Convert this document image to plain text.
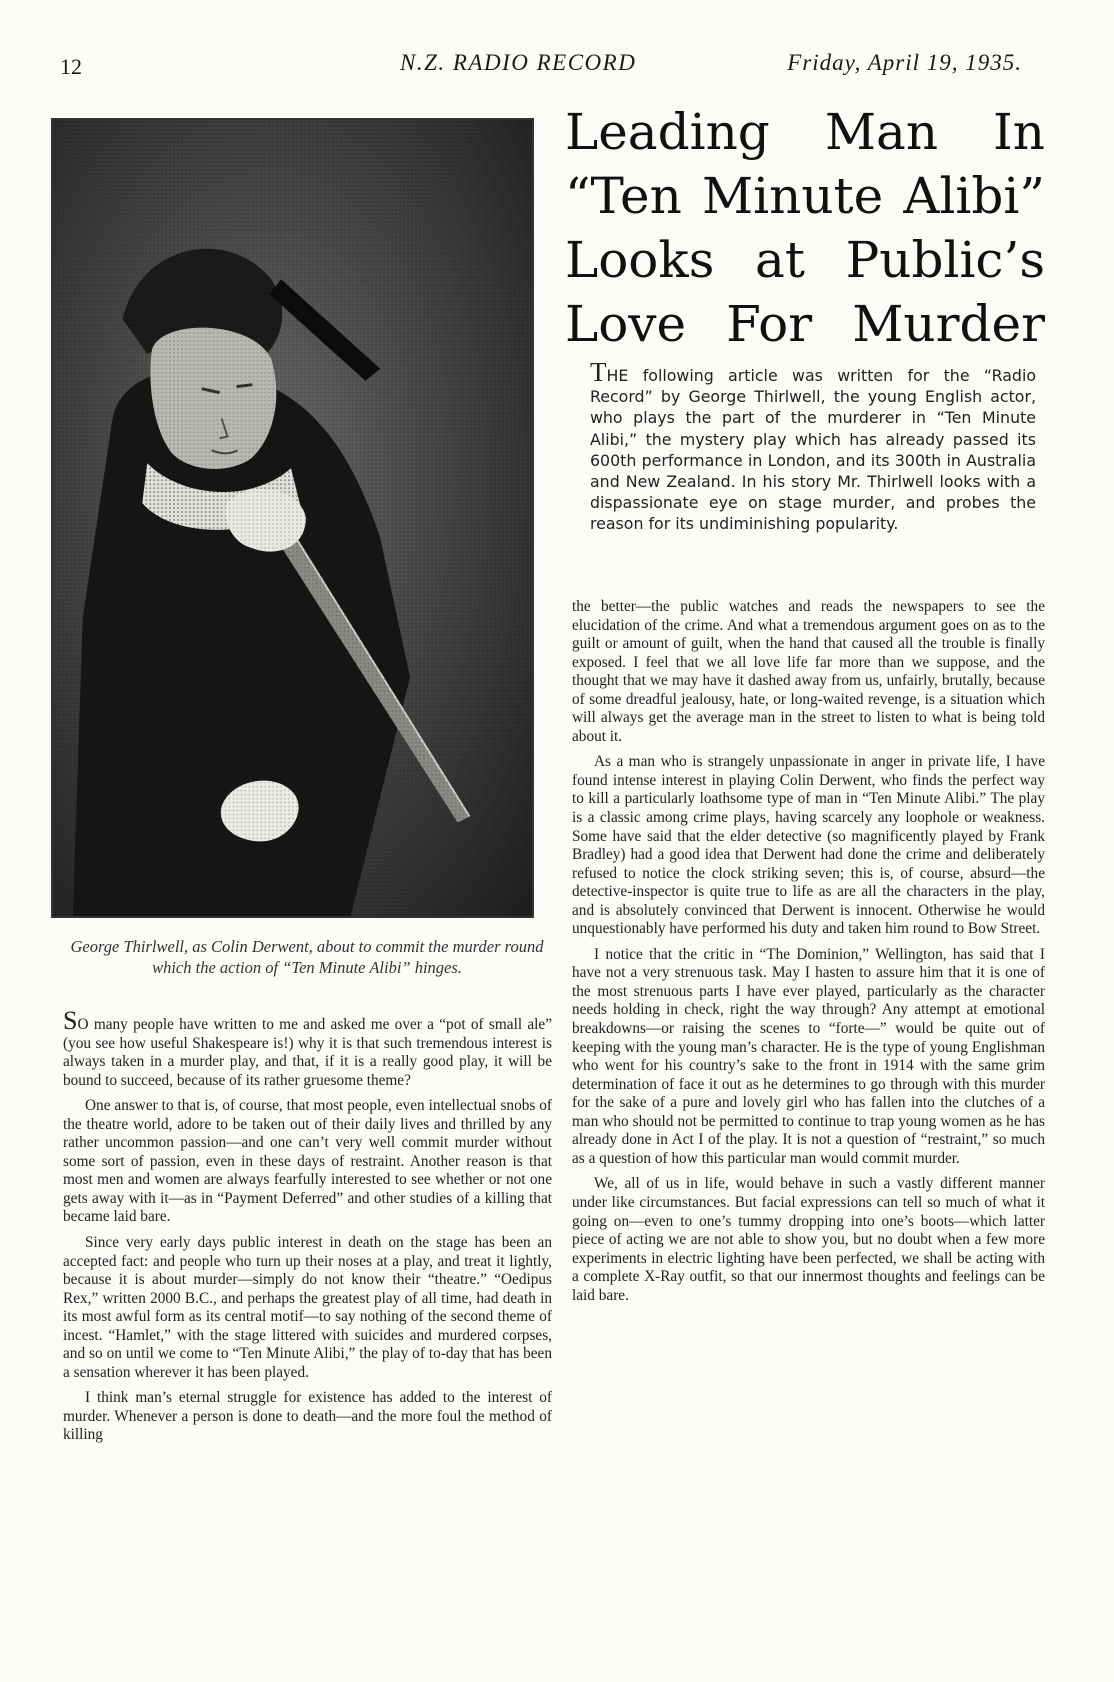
12	N.Z. RADIO RECORD	Friday, April 19, 1935.
George Thirlwell, as Colin Derwent, about to commit the murder round which the action of “Ten Minute Alibi” hinges.
Leading Man In
“Ten Minute Alibi”
Looks at Public’s
Love For Murder
THE following article was written for the “Radio Record” by George Thirlwell, the young English actor, who plays the part of the murderer in “Ten Minute Alibi,” the mystery play which has already passed its 600th performance in London, and its 300th in Australia and New Zealand. In his story Mr. Thirlwell looks with a dispassionate eye on stage murder, and probes the reason for its undiminishing popularity.

SO many people have written to me and asked me over a “pot of small ale” (you see how useful Shakespeare is!) why it is that such tremendous interest is always taken in a murder play, and that, if it is a really good play, it will be bound to succeed, because of its rather gruesome theme?

One answer to that is, of course, that most people, even intellectual snobs of the theatre world, adore to be taken out of their daily lives and thrilled by any rather uncommon passion—and one can’t very well commit murder without some sort of passion, even in these days of restraint. Another reason is that most men and women are always fearfully interested to see whether or not one gets away with it—as in “Payment Deferred” and other studies of a killing that became laid bare.

Since very early days public interest in death on the stage has been an accepted fact: and people who turn up their noses at a play, and treat it lightly, because it is about murder—simply do not know their “theatre.” “Oedipus Rex,” written 2000 B.C., and perhaps the greatest play of all time, had death in its most awful form as its central motif—to say nothing of the second theme of incest. “Hamlet,” with the stage littered with suicides and murdered corpses, and so on until we come to “Ten Minute Alibi,” the play of to-day that has been a sensation wherever it has been played.

I think man’s eternal struggle for existence has added to the interest of murder. Whenever a person is done to death—and the more foul the method of killing

the better—the public watches and reads the newspapers to see the elucidation of the crime. And what a tremendous argument goes on as to the guilt or amount of guilt, when the hand that caused all the trouble is finally exposed. I feel that we all love life far more than we suppose, and the thought that we may have it dashed away from us, unfairly, brutally, because of some dreadful jealousy, hate, or long-waited revenge, is a situation which will always get the average man in the street to listen to what is being told about it.

As a man who is strangely unpassionate in anger in private life, I have found intense interest in playing Colin Derwent, who finds the perfect way to kill a particularly loathsome type of man in “Ten Minute Alibi.” The play is a classic among crime plays, having scarcely any loophole or weakness. Some have said that the elder detective (so magnificently played by Frank Bradley) had a good idea that Derwent had done the crime and deliberately refused to notice the clock striking seven; this is, of course, absurd—the detective-inspector is quite true to life as are all the characters in the play, and is absolutely convinced that Derwent is innocent. Otherwise he would unquestionably have performed his duty and taken him round to Bow Street.

I notice that the critic in “The Dominion,” Wellington, has said that I have not a very strenuous task. May I hasten to assure him that it is one of the most strenuous parts I have ever played, particularly as the character needs holding in check, right the way through? Any attempt at emotional breakdowns—or raising the scenes to “forte—” would be quite out of keeping with the young man’s character. He is the type of young Englishman who went for his country’s sake to the front in 1914 with the same grim determination of face it out as he determines to go through with this murder for the sake of a pure and lovely girl who has fallen into the clutches of a man who should not be permitted to continue to trap young women as he has already done in Act I of the play. It is not a question of “restraint,” so much as a question of how this particular man would commit murder.

We, all of us in life, would behave in such a vastly different manner under like circumstances. But facial expressions can tell so much of what it going on—even to one’s tummy dropping into one’s boots—which latter piece of acting we are not able to show you, but no doubt when a few more experiments in electric lighting have been perfected, we shall be acting with a complete X-Ray outfit, so that our innermost thoughts and feelings can be laid bare.
